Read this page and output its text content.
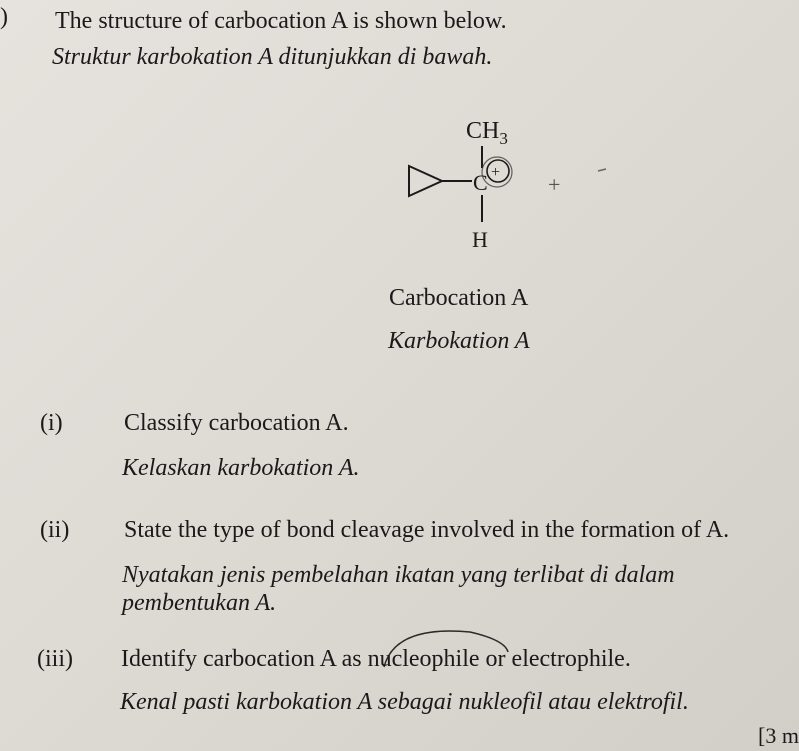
) The structure of carbocation A is shown below.
Struktur karbokation A ditunjukkan di bawah.
$CH_3$
C +
H
+
Carbocation A
Karbokation A
(i)	Classify carbocation A.
Kelaskan karbokation A.
(ii) State the type of bond cleavage involved in the formation of A.
Nyatakan jenis pembelahan ikatan yang terlibat di dalam
pembentukan A.
(iii) Identify carbocation A as nucleophile or electrophile.
Kenal pasti karbokation A sebagai nukleofil atau elektrofil.
[3 m
